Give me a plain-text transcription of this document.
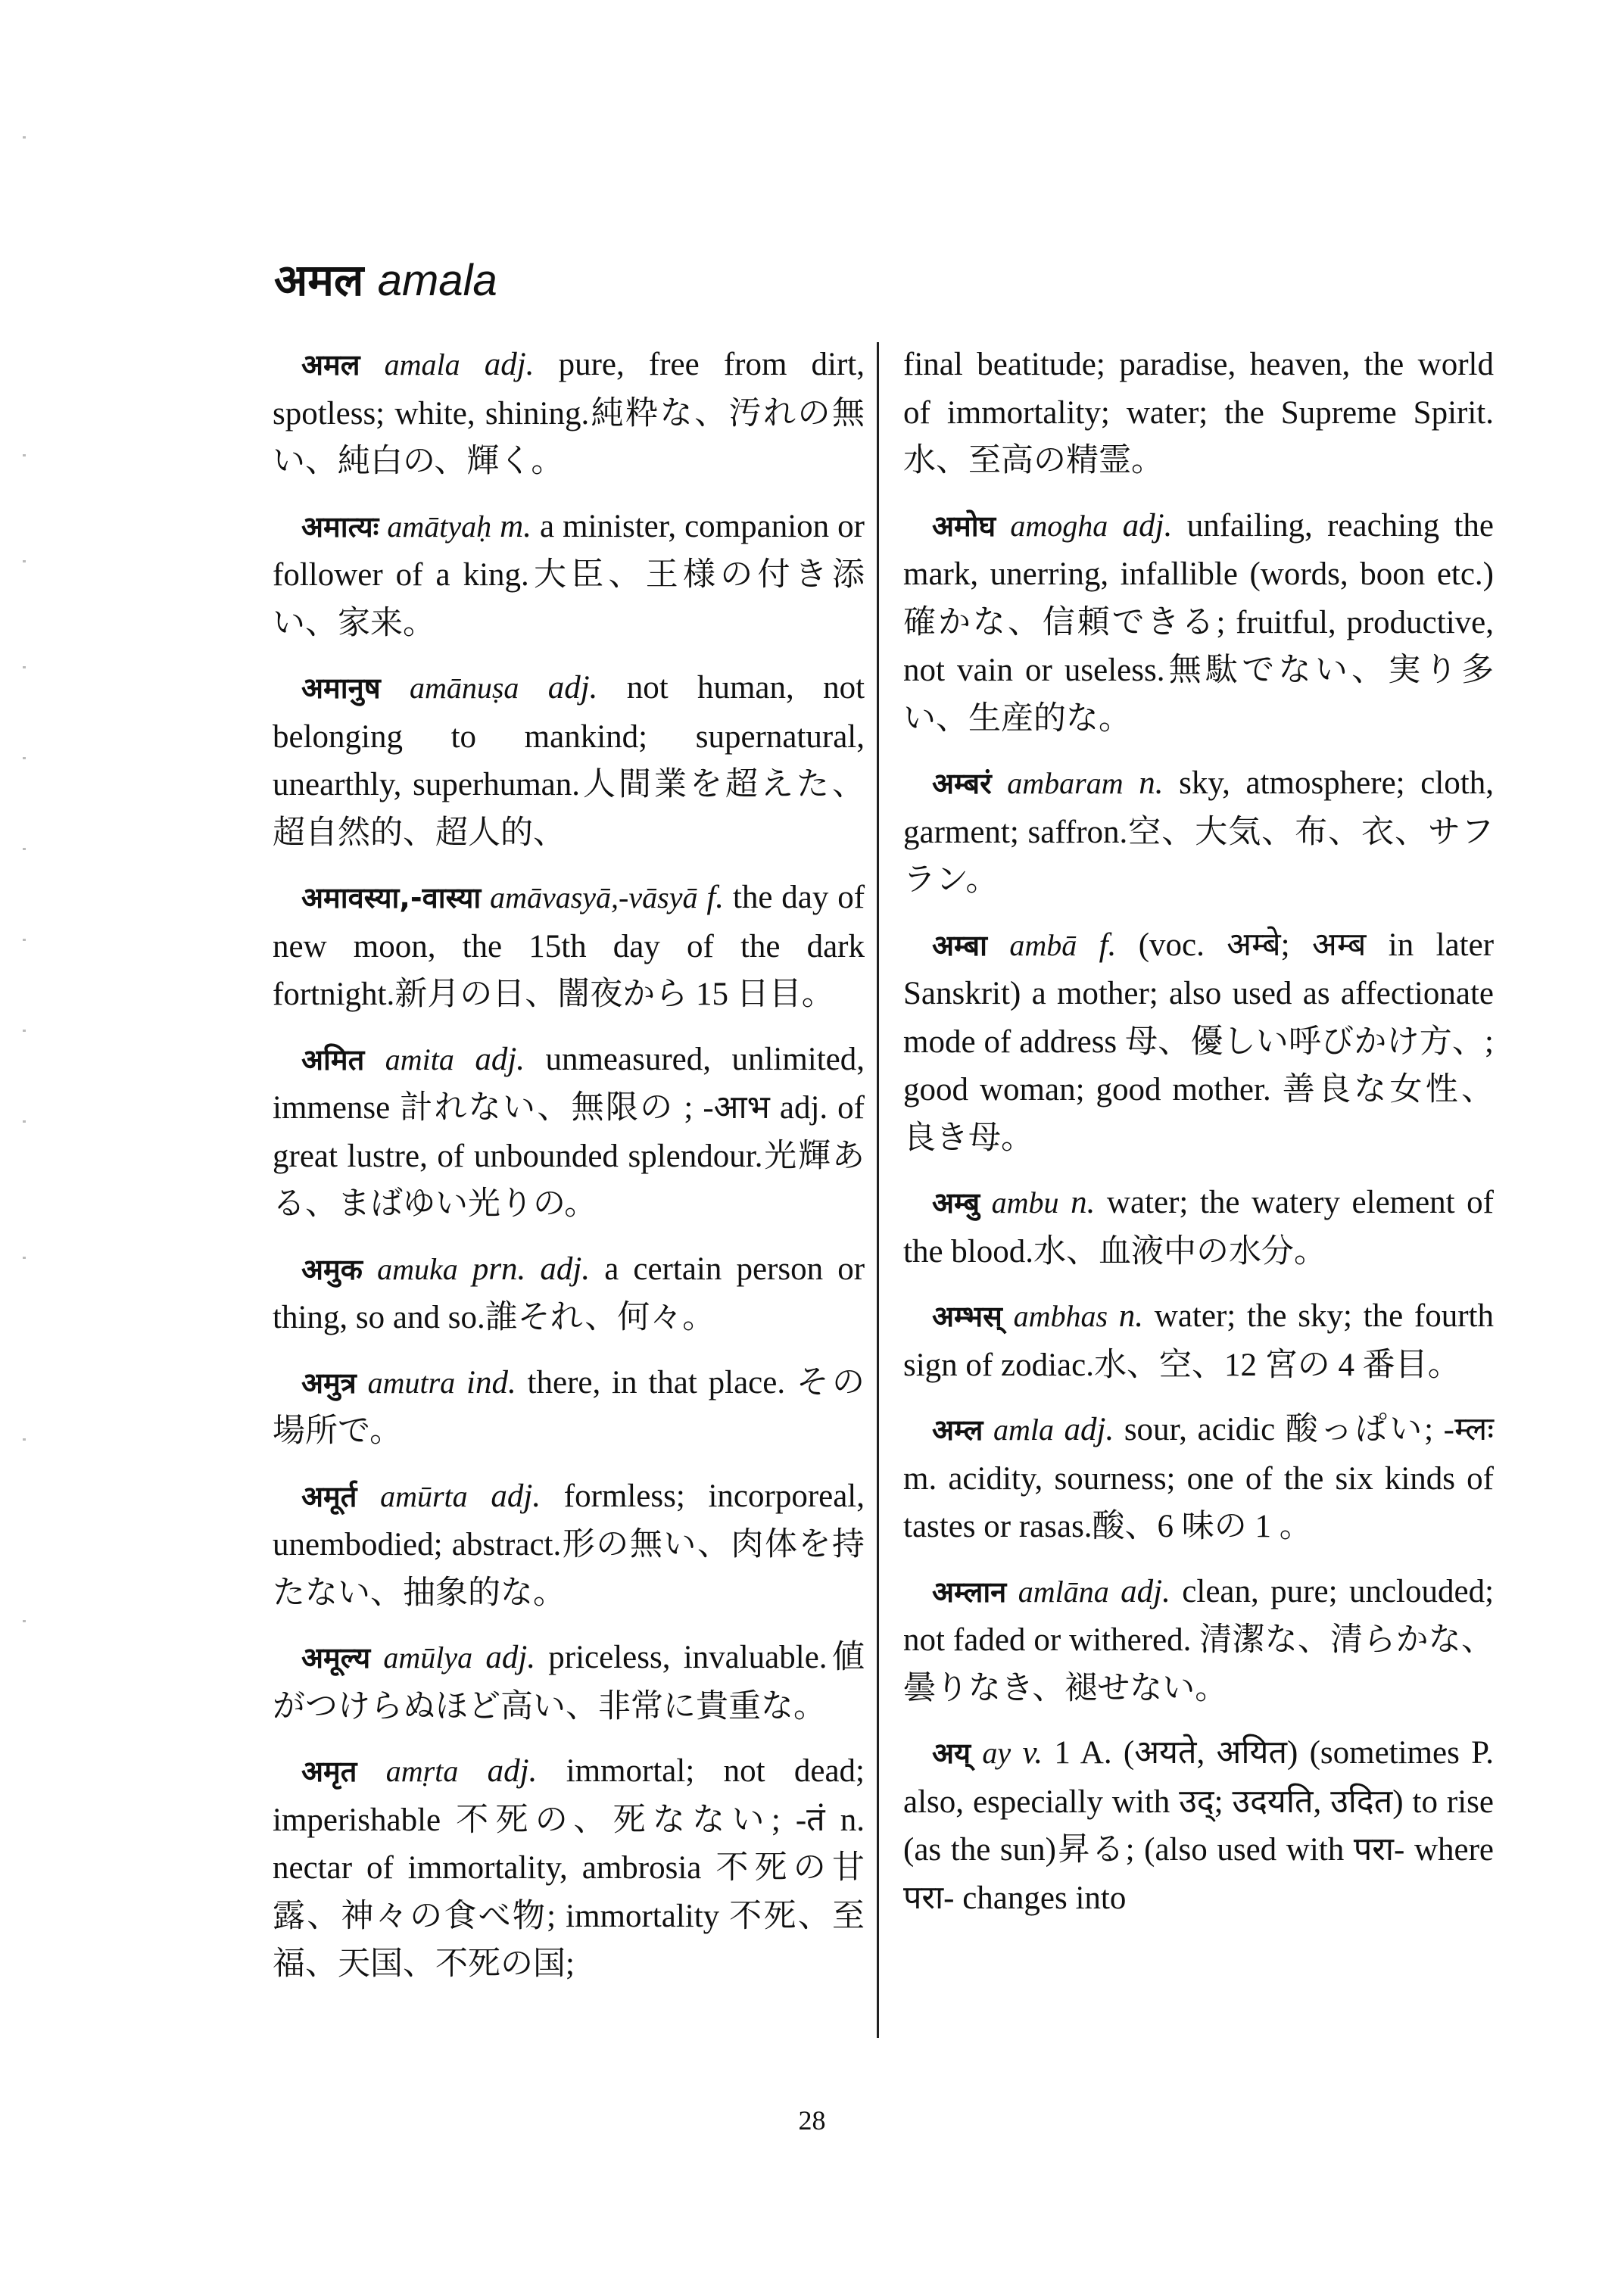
अमल amala

अमल amala adj. pure, free from dirt, spotless; white, shining.純粋な、汚れの無い、純白の、輝く。

अमात्यः amātyaḥ m. a minister, companion or follower of a king.大臣、王様の付き添い、家来。

अमानुष amānuṣa adj. not human, not belonging to mankind; supernatural, unearthly, superhuman.人間業を超えた、超自然的、超人的、

अमावस्या,-वास्या amāvasyā,-vāsyā f. the day of new moon, the 15th day of the dark fortnight.新月の日、闇夜から 15 日目。

अमित amita adj. unmeasured, unlimited, immense 計れない、無限の ; -आभ adj. of great lustre, of unbounded splendour.光輝ある、まばゆい光りの。

अमुक amuka prn. adj. a certain person or thing, so and so.誰それ、何々。

अमुत्र amutra ind. there, in that place. その場所で。

अमूर्त amūrta adj. formless; incorporeal, unembodied; abstract.形の無い、肉体を持たない、抽象的な。

अमूल्य amūlya adj. priceless, invaluable.値がつけらぬほど高い、非常に貴重な。

अमृत amṛta adj. immortal; not dead; imperishable 不死の、死なない; -तं n. nectar of immortality, ambrosia 不死の甘露、神々の食べ物; immortality 不死、至福、天国、不死の国;

final beatitude; paradise, heaven, the world of immortality; water; the Supreme Spirit.水、至高の精霊。

अमोघ amogha adj. unfailing, reaching the mark, unerring, infallible (words, boon etc.)確かな、信頼できる; fruitful, productive, not vain or useless.無駄でない、実り多い、生産的な。

अम्बरं ambaram n. sky, atmosphere; cloth, garment; saffron.空、大気、布、衣、サフラン。

अम्बा ambā f. (voc. अम्बे; अम्ब in later Sanskrit) a mother; also used as affectionate mode of address 母、優しい呼びかけ方、; good woman; good mother. 善良な女性、良き母。

अम्बु ambu n. water; the watery element of the blood.水、血液中の水分。

अम्भस् ambhas n. water; the sky; the fourth sign of zodiac.水、空、12 宮の 4 番目。

अम्ल amla adj. sour, acidic 酸っぱい; -म्लः m. acidity, sourness; one of the six kinds of tastes or rasas.酸、6 味の 1 。

अम्लान amlāna adj. clean, pure; unclouded; not faded or withered. 清潔な、清らかな、曇りなき、褪せない。

अय् ay v. 1 A. (अयते, अयित) (sometimes P. also, especially with उद्; उदयति, उदित) to rise (as the sun)昇る; (also used with परा- where परा- changes into

28
